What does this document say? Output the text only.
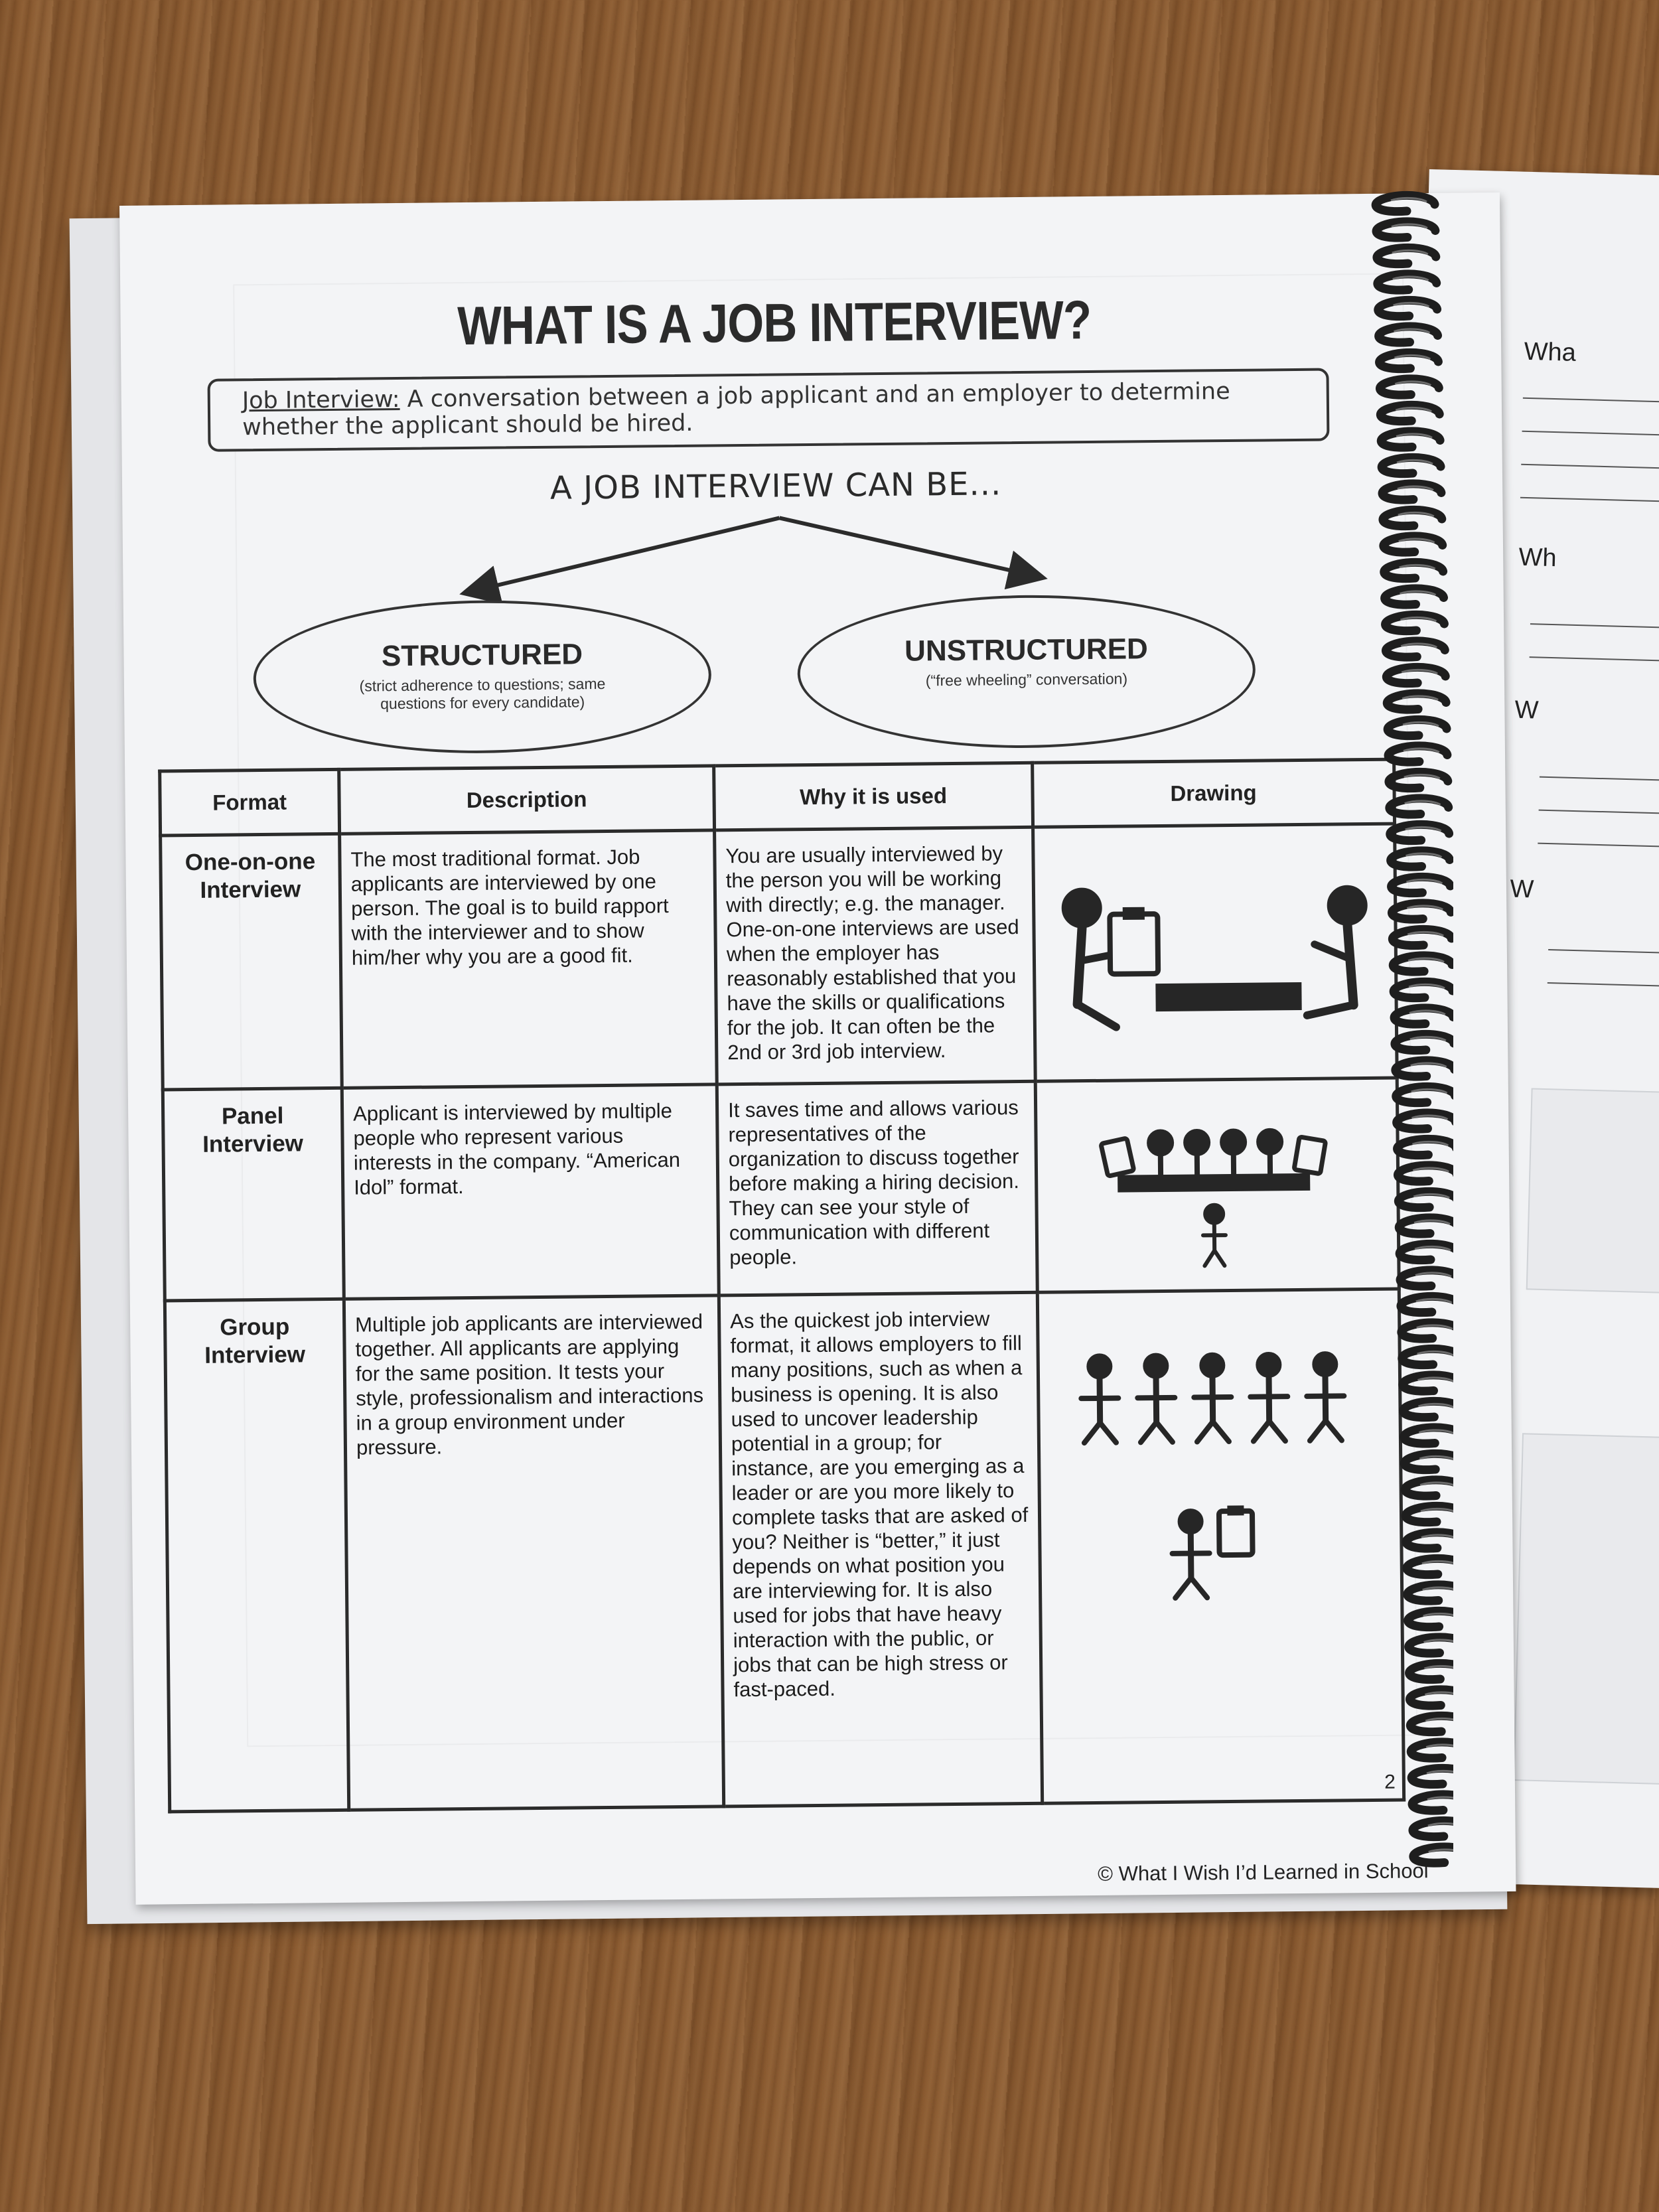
Wha
Wh
W
W
WHAT IS A JOB INTERVIEW?
Job Interview: A conversation between a job applicant and an employer to determine whether the applicant should be hired.
A JOB INTERVIEW CAN BE...
STRUCTURED
(strict adherence to questions; same questions for every candidate)
UNSTRUCTURED
(“free wheeling” conversation)
Format	Description	Why it is used	Drawing
One-on-one Interview	The most traditional format. Job applicants are interviewed by one person. The goal is to build rapport with the interviewer and to show him/her why you are a good fit.	You are usually interviewed by the person you will be working with directly; e.g. the manager. One-on-one interviews are used when the employer has reasonably established that you have the skills or qualifications for the job. It can often be the 2nd or 3rd job interview.	
Panel Interview	Applicant is interviewed by multiple people who represent various interests in the company. “American Idol” format.	It saves time and allows various representatives of the organization to discuss together before making a hiring decision. They can see your style of communication with different people.	
Group Interview	Multiple job applicants are interviewed together. All applicants are applying for the same position. It tests your style, professionalism and interactions in a group environment under pressure.	As the quickest job interview format, it allows employers to fill many positions, such as when a business is opening. It is also used to uncover leadership potential in a group; for instance, are you emerging as a leader or are you more likely to complete tasks that are asked of you? Neither is “better,” it just depends on what position you are interviewing for. It is also used for jobs that have heavy interaction with the public, or jobs that can be high stress or fast-paced.	2
© What I Wish I’d Learned in School
